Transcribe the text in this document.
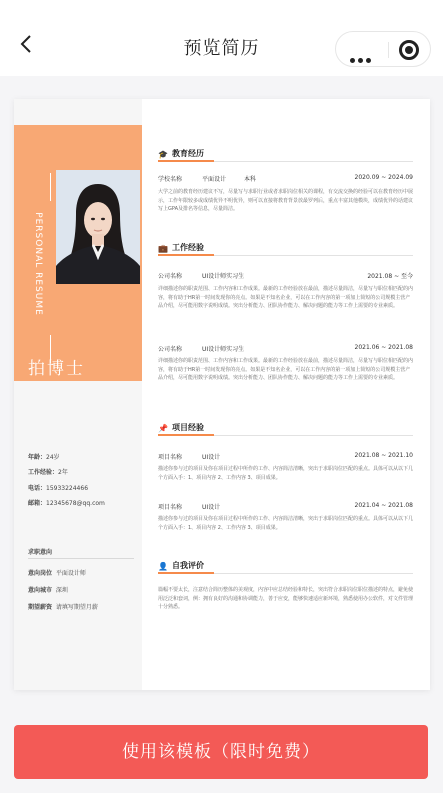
预览简历
PERSONAL RESUME
拍博士
年龄：24岁
工作经验：2年
电话：15933224466
邮箱：12345678@qq.com
求职意向
意向岗位 平面设计师
意向城市 深圳
期望薪资 请填写期望月薪
🎓 教育经历
学校名称	平面设计	本科	2020.09 ~ 2024.09
大学之前的教育经历建议不写，尽量写与求职行业或者求职岗位相关的课程，有交流交换的经验可以在教育经历中展示，工作年限较多或成绩优异不明优异，则可以直接将教育背景放最罗列后，重点丰富其他模块，成绩优异的话建议写上GPA及排名等信息，尽量简洁。
💼 工作经验
公司名称	UI设计师实习生	2021.08 ~ 至今
详细描述你的职责范围、工作内容和工作成果。最新的工作经验放在最前，描述尽量简洁，尽量写与职位相匹配的内容，将有助于HR第一时间发现你的亮点。如果是不知名企业，可以在工作内容的第一项加上简短的公司规模主营产品介绍，尽可能用数字说明成绩。突出分析能力、团队协作能力、解决问题的能力等工作上需要的专业素质。
公司名称	UI设计师实习生	2021.06 ~ 2021.08
详细描述你的职责范围、工作内容和工作成果。最新的工作经验放在最前，描述尽量简洁，尽量写与职位相匹配的内容，将有助于HR第一时间发现你的亮点。如果是不知名企业，可以在工作内容的第一项加上简短的公司规模主营产品介绍，尽可能用数字说明成绩。突出分析能力、团队协作能力、解决问题的能力等工作上需要的专业素质。
📌 项目经验
项目名称	UI设计	2021.08 ~ 2021.10
描述你参与过的项目及你在项目过程中所作的工作、内容简洁清晰，突出于求职岗位匹配的重点。具体可以从以下几个方面入手：1、项目内容 2、工作内容 3、项目成果。
项目名称	UI设计	2021.04 ~ 2021.08
描述你参与过的项目及你在项目过程中所作的工作、内容简洁清晰，突出于求职岗位匹配的重点。具体可以从以下几个方面入手：1、项目内容 2、工作内容 3、项目成果。
👤 自我评价
篇幅不要太长，注意结合简历整体的美观度，内容中应总结经验和特长，突出符合求职岗位职位描述的特点，避免使用泛泛和套词，例：拥有良好的沟通和协调能力，善于应变，能够快速适应新环境，熟悉使用办公软件，对文件管理十分熟悉。
使用该模板（限时免费）
